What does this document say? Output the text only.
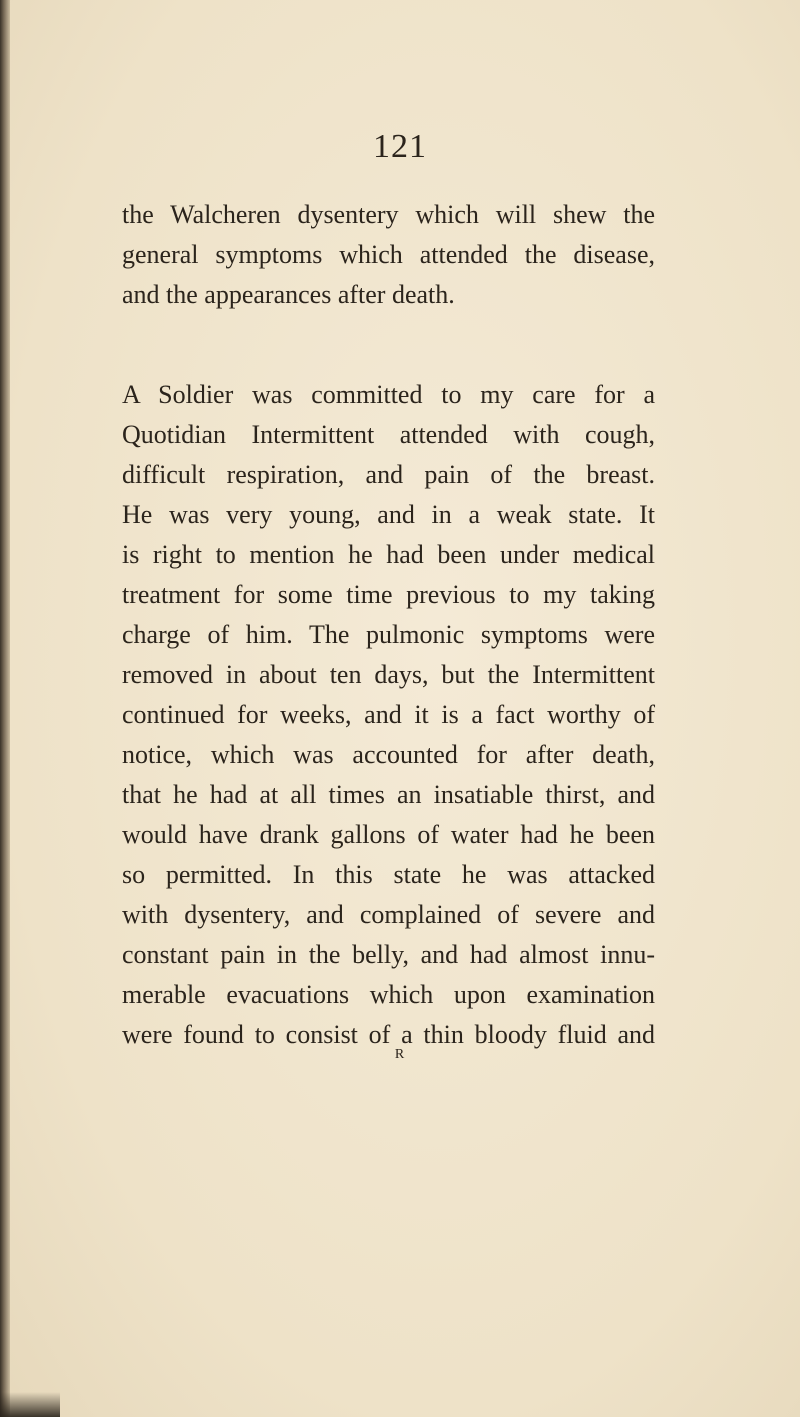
121
the Walcheren dysentery which will shew the
general symptoms which attended the disease,
and the appearances after death.
A Soldier was committed to my care for a
Quotidian Intermittent attended with cough,
difficult respiration, and pain of the breast.
He was very young, and in a weak state. It
is right to mention he had been under medical
treatment for some time previous to my taking
charge of him. The pulmonic symptoms were
removed in about ten days, but the Intermittent
continued for weeks, and it is a fact worthy of
notice, which was accounted for after death,
that he had at all times an insatiable thirst, and
would have drank gallons of water had he been
so permitted. In this state he was attacked
with dysentery, and complained of severe and
constant pain in the belly, and had almost innu-
merable evacuations which upon examination
were found to consist of a thin bloody fluid and
R
